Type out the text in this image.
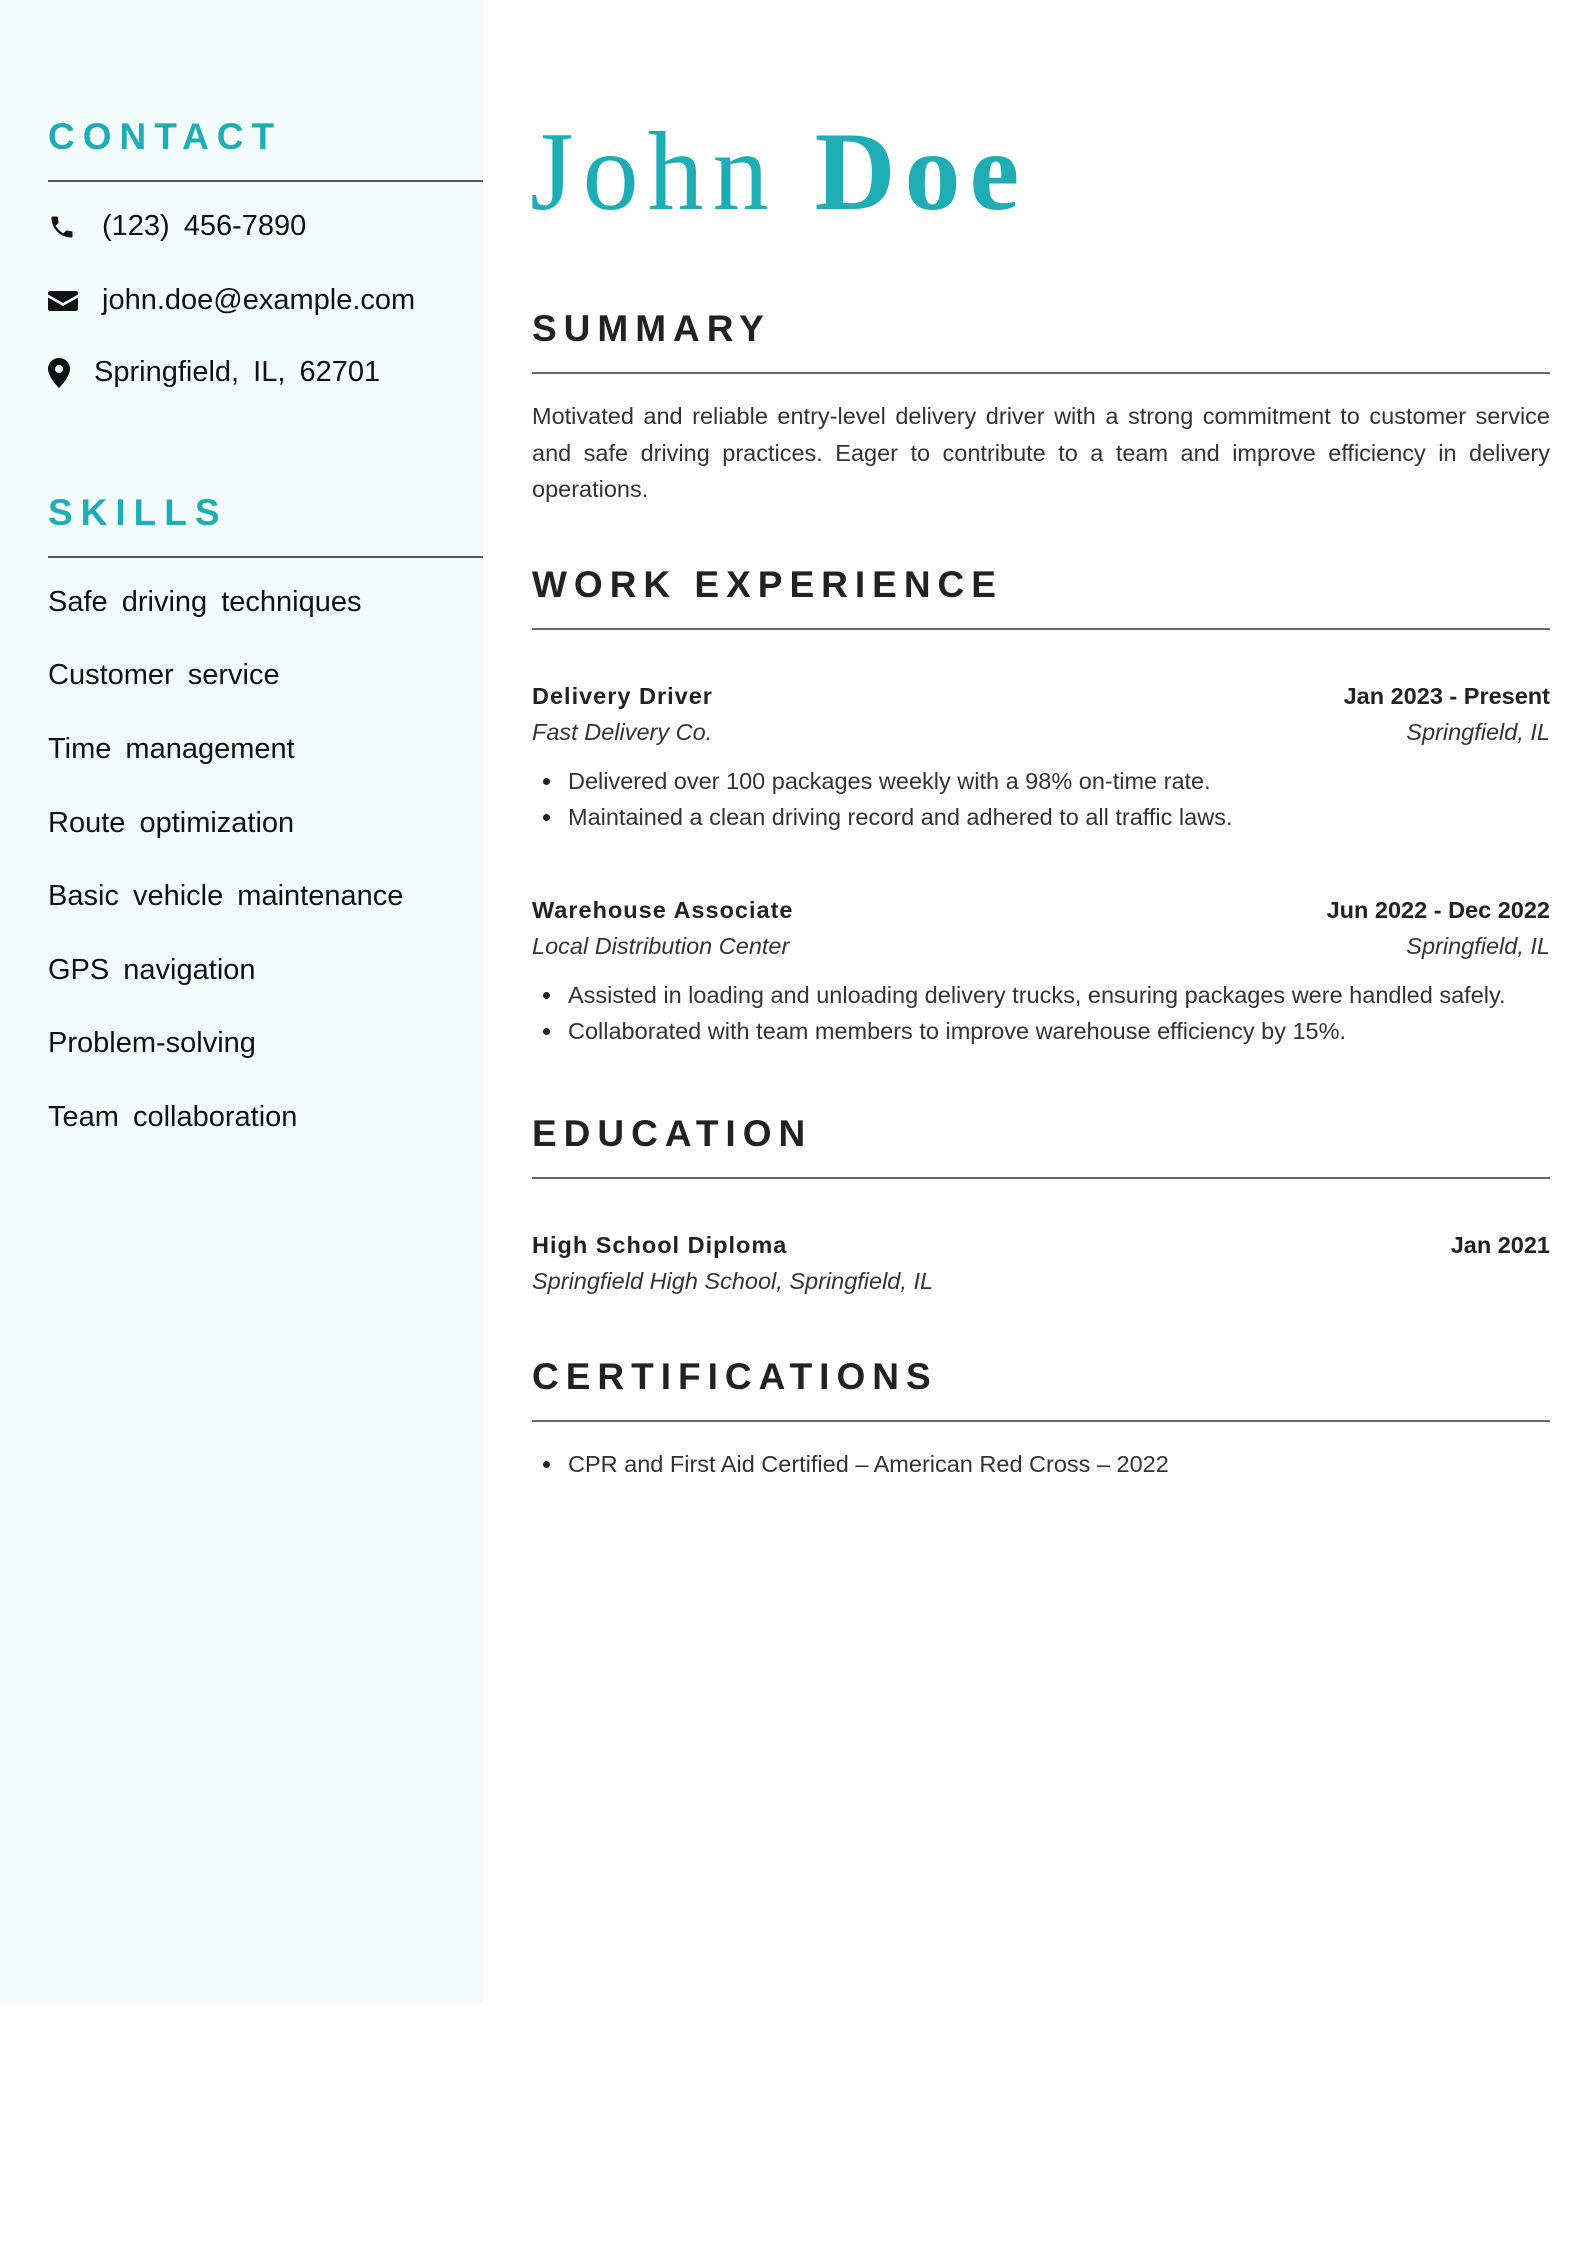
CONTACT
(123) 456-7890
john.doe@example.com
Springfield, IL, 62701
SKILLS
Safe driving techniques
Customer service
Time management
Route optimization
Basic vehicle maintenance
GPS navigation
Problem-solving
Team collaboration
John Doe
SUMMARY

Motivated and reliable entry-level delivery driver with a strong commitment to customer service and safe driving practices. Eager to contribute to a team and improve efficiency in delivery operations.

WORK EXPERIENCE
Delivery Driver	Jan 2023 - Present
Fast Delivery Co.	Springfield, IL
Delivered over 100 packages weekly with a 98% on-time rate.
Maintained a clean driving record and adhered to all traffic laws.
Warehouse Associate	Jun 2022 - Dec 2022
Local Distribution Center	Springfield, IL
Assisted in loading and unloading delivery trucks, ensuring packages were handled safely.
Collaborated with team members to improve warehouse efficiency by 15%.
EDUCATION
High School Diploma	Jan 2021
Springfield High School, Springfield, IL
CERTIFICATIONS
CPR and First Aid Certified – American Red Cross – 2022
